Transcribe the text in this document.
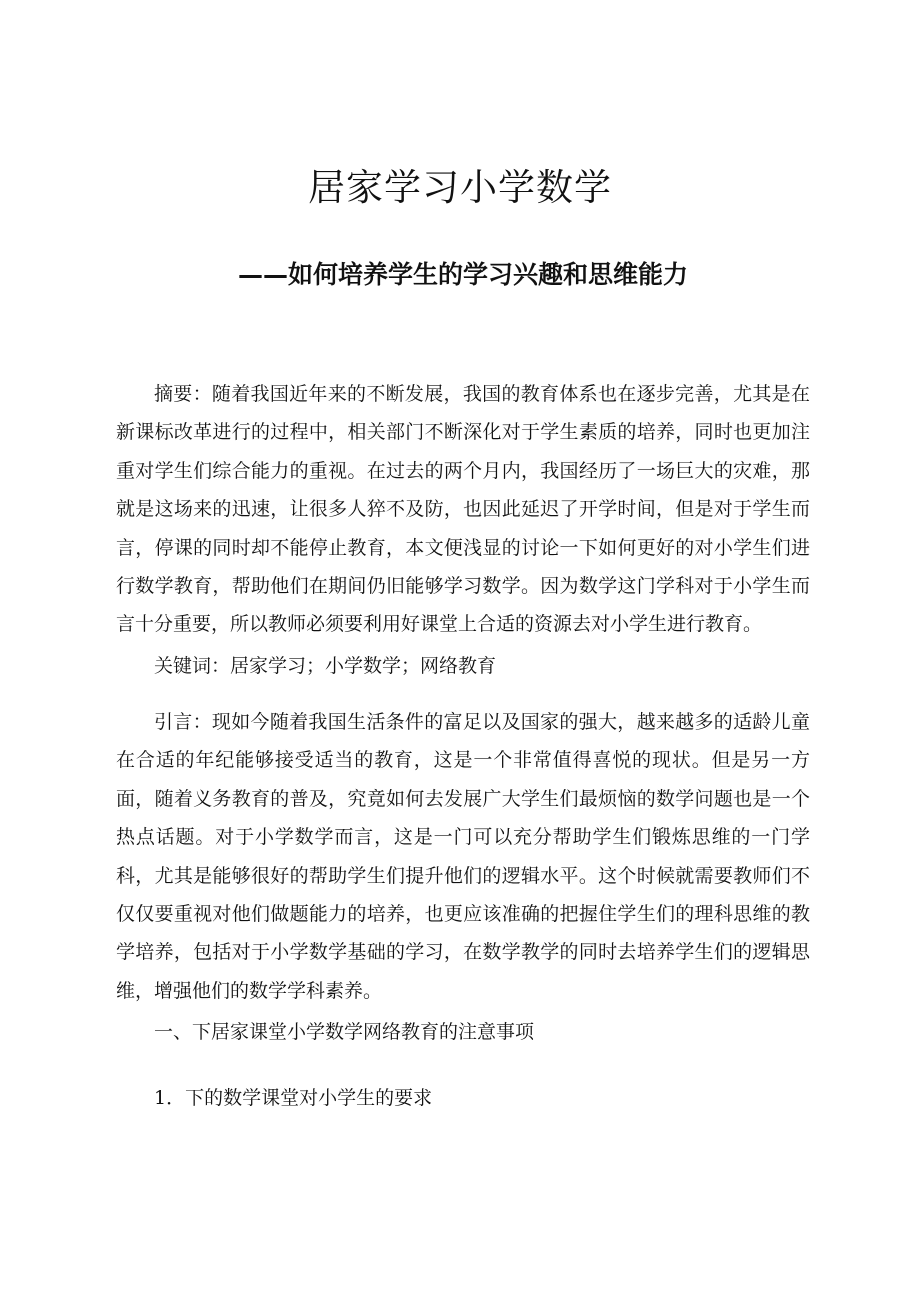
居家学习小学数学
——如何培养学生的学习兴趣和思维能力

摘要：随着我国近年来的不断发展，我国的教育体系也在逐步完善，尤其是在新课标改革进行的过程中，相关部门不断深化对于学生素质的培养，同时也更加注重对学生们综合能力的重视。在过去的两个月内，我国经历了一场巨大的灾难，那就是这场来的迅速，让很多人猝不及防，也因此延迟了开学时间，但是对于学生而言，停课的同时却不能停止教育，本文便浅显的讨论一下如何更好的对小学生们进行数学教育，帮助他们在期间仍旧能够学习数学。因为数学这门学科对于小学生而言十分重要，所以教师必须要利用好课堂上合适的资源去对小学生进行教育。

关键词：居家学习；小学数学；网络教育

引言：现如今随着我国生活条件的富足以及国家的强大，越来越多的适龄儿童在合适的年纪能够接受适当的教育，这是一个非常值得喜悦的现状。但是另一方面，随着义务教育的普及，究竟如何去发展广大学生们最烦恼的数学问题也是一个热点话题。对于小学数学而言，这是一门可以充分帮助学生们锻炼思维的一门学科，尤其是能够很好的帮助学生们提升他们的逻辑水平。这个时候就需要教师们不仅仅要重视对他们做题能力的培养，也更应该准确的把握住学生们的理科思维的教学培养，包括对于小学数学基础的学习，在数学教学的同时去培养学生们的逻辑思维，增强他们的数学学科素养。

一、下居家课堂小学数学网络教育的注意事项

1．下的数学课堂对小学生的要求
